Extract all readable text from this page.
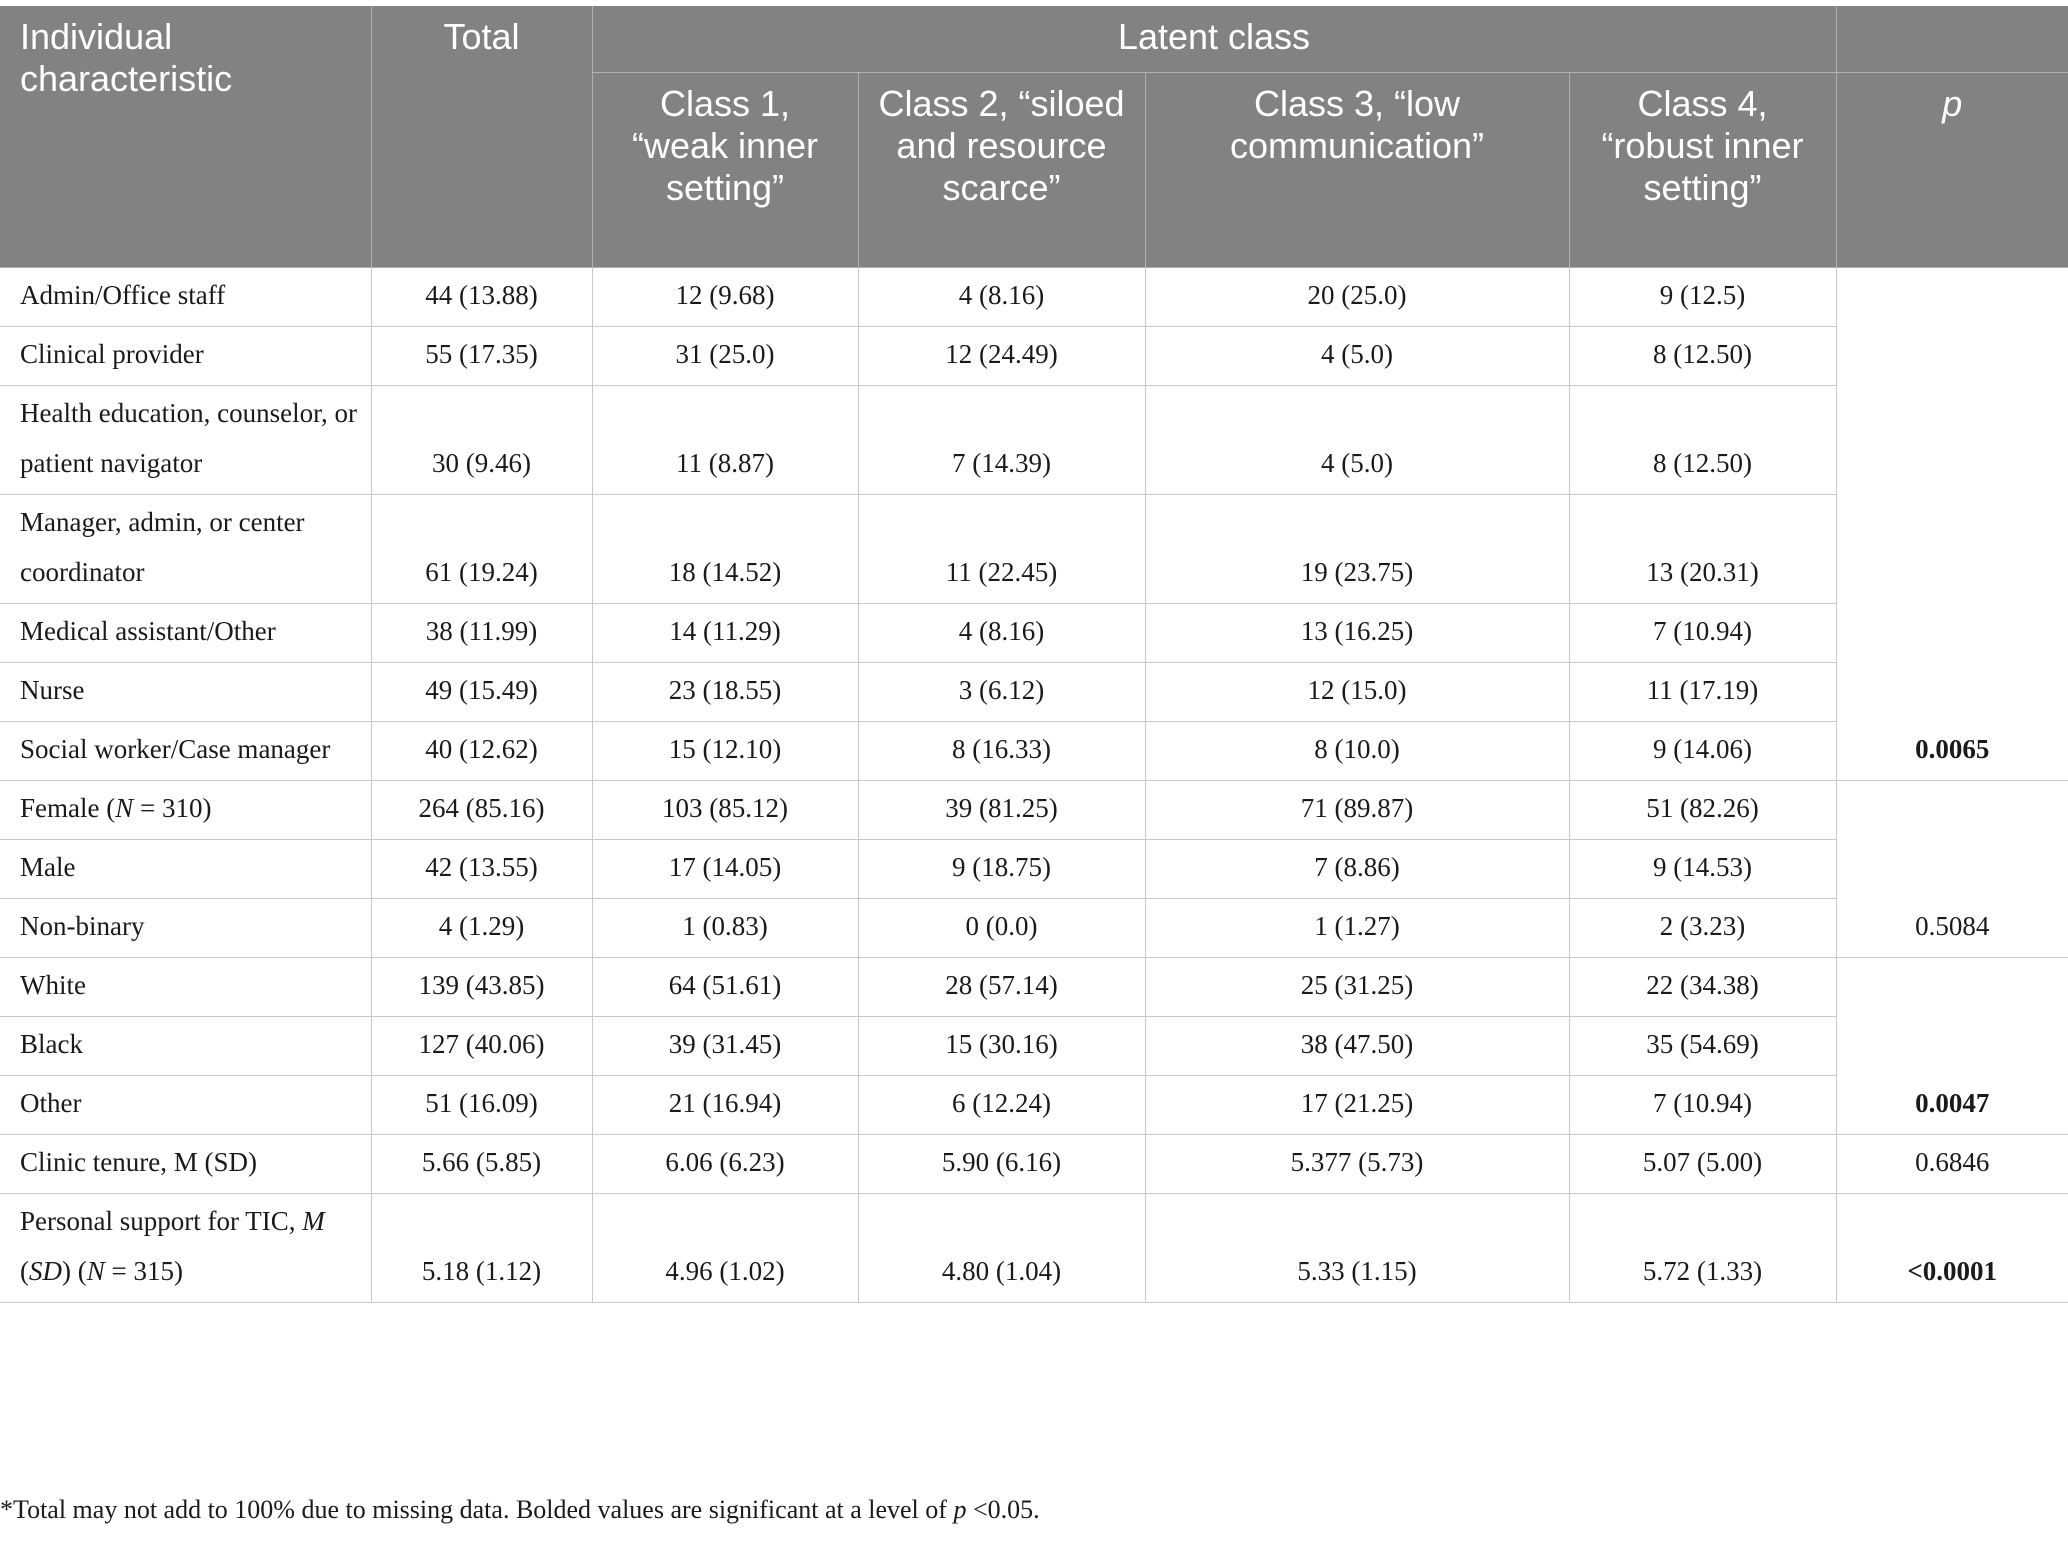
Individual characteristic	Total	Latent class				
		Class 1, “weak inner setting”	Class 2, “siloed and resource scarce”	Class 3, “low communication”	Class 4, “robust inner setting”	p
Admin/Office staff	44 (13.88)	12 (9.68)	4 (8.16)	20 (25.0)	9 (12.5)	0.0065
Clinical provider	55 (17.35)	31 (25.0)	12 (24.49)	4 (5.0)	8 (12.50)	
Health education, counselor, or patient navigator	30 (9.46)	11 (8.87)	7 (14.39)	4 (5.0)	8 (12.50)	
Manager, admin, or center coordinator	61 (19.24)	18 (14.52)	11 (22.45)	19 (23.75)	13 (20.31)	
Medical assistant/Other	38 (11.99)	14 (11.29)	4 (8.16)	13 (16.25)	7 (10.94)	
Nurse	49 (15.49)	23 (18.55)	3 (6.12)	12 (15.0)	11 (17.19)	
Social worker/Case manager	40 (12.62)	15 (12.10)	8 (16.33)	8 (10.0)	9 (14.06)	
Female (N = 310)	264 (85.16)	103 (85.12)	39 (81.25)	71 (89.87)	51 (82.26)	0.5084
Male	42 (13.55)	17 (14.05)	9 (18.75)	7 (8.86)	9 (14.53)	
Non-binary	4 (1.29)	1 (0.83)	0 (0.0)	1 (1.27)	2 (3.23)	
White	139 (43.85)	64 (51.61)	28 (57.14)	25 (31.25)	22 (34.38)	0.0047
Black	127 (40.06)	39 (31.45)	15 (30.16)	38 (47.50)	35 (54.69)	
Other	51 (16.09)	21 (16.94)	6 (12.24)	17 (21.25)	7 (10.94)	
Clinic tenure, M (SD)	5.66 (5.85)	6.06 (6.23)	5.90 (6.16)	5.377 (5.73)	5.07 (5.00)	0.6846
Personal support for TIC, M (SD) (N = 315)	5.18 (1.12)	4.96 (1.02)	4.80 (1.04)	5.33 (1.15)	5.72 (1.33)	<0.0001
*Total may not add to 100% due to missing data. Bolded values are significant at a level of p <0.05.
